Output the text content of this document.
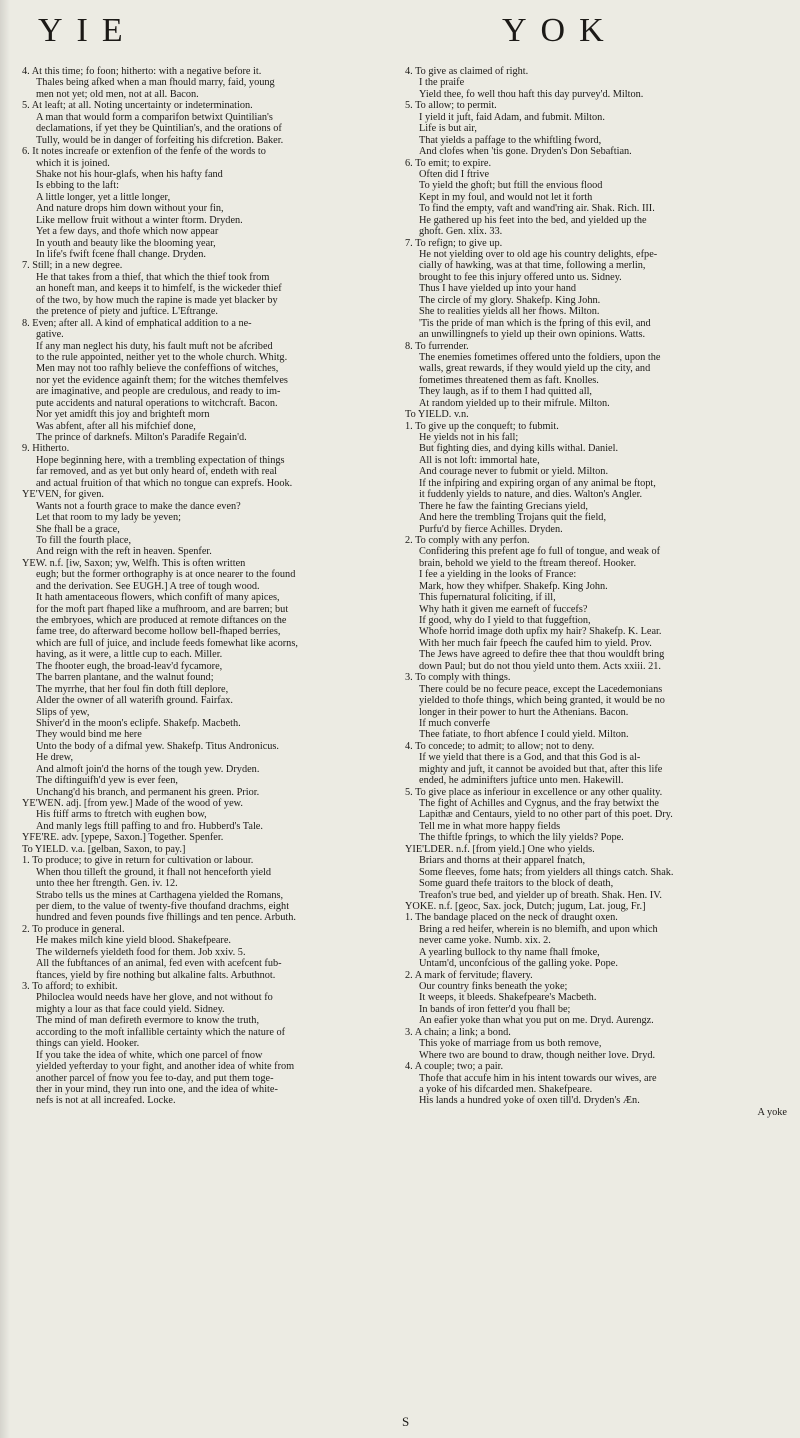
YIE	YOK
4. At this time; fo foon; hitherto: with a negative before it.
Thales being afked when a man fhould marry, faid, young
men not yet; old men, not at all. Bacon.
5. At leaft; at all. Noting uncertainty or indetermination.
A man that would form a comparifon betwixt Quintilian's
declamations, if yet they be Quintilian's, and the orations of
Tully, would be in danger of forfeiting his difcretion. Baker.
6. It notes increafe or extenfion of the fenfe of the words to
which it is joined.
Shake not his hour-glafs, when his hafty fand
Is ebbing to the laft:
A little longer, yet a little longer,
And nature drops him down without your fin,
Like mellow fruit without a winter ftorm. Dryden.
Yet a few days, and thofe which now appear
In youth and beauty like the blooming year,
In life's fwift fcene fhall change. Dryden.
7. Still; in a new degree.
He that takes from a thief, that which the thief took from
an honeft man, and keeps it to himfelf, is the wickeder thief
of the two, by how much the rapine is made yet blacker by
the pretence of piety and juftice. L'Eftrange.
8. Even; after all. A kind of emphatical addition to a ne-
gative.
If any man neglect his duty, his fault muft not be afcribed
to the rule appointed, neither yet to the whole church. Whitg.
Men may not too rafhly believe the confeffions of witches,
nor yet the evidence againft them; for the witches themfelves
are imaginative, and people are credulous, and ready to im-
pute accidents and natural operations to witchcraft. Bacon.
Nor yet amidft this joy and brighteft morn
Was abfent, after all his mifchief done,
The prince of darknefs. Milton's Paradife Regain'd.
9. Hitherto.
Hope beginning here, with a trembling expectation of things
far removed, and as yet but only heard of, endeth with real
and actual fruition of that which no tongue can exprefs. Hook.
YE'VEN, for given.
Wants not a fourth grace to make the dance even?
Let that room to my lady be yeven;
She fhall be a grace,
To fill the fourth place,
And reign with the reft in heaven. Spenfer.
YEW. n.f. [iw, Saxon; yw, Welfh. This is often written
eugh; but the former orthography is at once nearer to the found
and the derivation. See EUGH.] A tree of tough wood.
It hath amentaceous flowers, which confift of many apices,
for the moft part fhaped like a mufhroom, and are barren; but
the embryoes, which are produced at remote diftances on the
fame tree, do afterward become hollow bell-fhaped berries,
which are full of juice, and include feeds fomewhat like acorns,
having, as it were, a little cup to each. Miller.
The fhooter eugh, the broad-leav'd fycamore,
The barren plantane, and the walnut found;
The myrrhe, that her foul fin doth ftill deplore,
Alder the owner of all waterifh ground. Fairfax.
Slips of yew,
Shiver'd in the moon's eclipfe. Shakefp. Macbeth.
They would bind me here
Unto the body of a difmal yew. Shakefp. Titus Andronicus.
He drew,
And almoft join'd the horns of the tough yew. Dryden.
The diftinguifh'd yew is ever feen,
Unchang'd his branch, and permanent his green. Prior.
YE'WEN. adj. [from yew.] Made of the wood of yew.
His ftiff arms to ftretch with eughen bow,
And manly legs ftill paffing to and fro. Hubberd's Tale.
YFE'RE. adv. [ypepe, Saxon.] Together. Spenfer.
To YIELD. v.a. [gelban, Saxon, to pay.]
1. To produce; to give in return for cultivation or labour.
When thou tilleft the ground, it fhall not henceforth yield
unto thee her ftrength. Gen. iv. 12.
Strabo tells us the mines at Carthagena yielded the Romans,
per diem, to the value of twenty-five thoufand drachms, eight
hundred and feven pounds five fhillings and ten pence. Arbuth.
2. To produce in general.
He makes milch kine yield blood. Shakefpeare.
The wildernefs yieldeth food for them. Job xxiv. 5.
All the fubftances of an animal, fed even with acefcent fub-
ftances, yield by fire nothing but alkaline falts. Arbuthnot.
3. To afford; to exhibit.
Philoclea would needs have her glove, and not without fo
mighty a lour as that face could yield. Sidney.
The mind of man defireth evermore to know the truth,
according to the moft infallible certainty which the nature of
things can yield. Hooker.
If you take the idea of white, which one parcel of fnow
yielded yefterday to your fight, and another idea of white from
another parcel of fnow you fee to-day, and put them toge-
ther in your mind, they run into one, and the idea of white-
nefs is not at all increafed. Locke.
4. To give as claimed of right.
I the praife
Yield thee, fo well thou haft this day purvey'd. Milton.
5. To allow; to permit.
I yield it juft, faid Adam, and fubmit. Milton.
Life is but air,
That yields a paffage to the whiftling fword,
And clofes when 'tis gone. Dryden's Don Sebaftian.
6. To emit; to expire.
Often did I ftrive
To yield the ghoft; but ftill the envious flood
Kept in my foul, and would not let it forth
To find the empty, vaft and wand'ring air. Shak. Rich. III.
He gathered up his feet into the bed, and yielded up the
ghoft. Gen. xlix. 33.
7. To refign; to give up.
He not yielding over to old age his country delights, efpe-
cially of hawking, was at that time, following a merlin,
brought to fee this injury offered unto us. Sidney.
Thus I have yielded up into your hand
The circle of my glory. Shakefp. King John.
She to realities yields all her fhows. Milton.
'Tis the pride of man which is the fpring of this evil, and
an unwillingnefs to yield up their own opinions. Watts.
8. To furrender.
The enemies fometimes offered unto the foldiers, upon the
walls, great rewards, if they would yield up the city, and
fometimes threatened them as faft. Knolles.
They laugh, as if to them I had quitted all,
At random yielded up to their mifrule. Milton.
To YIELD. v.n.
1. To give up the conqueft; to fubmit.
He yields not in his fall;
But fighting dies, and dying kills withal. Daniel.
All is not loft: immortal hate,
And courage never to fubmit or yield. Milton.
If the infpiring and expiring organ of any animal be ftopt,
it fuddenly yields to nature, and dies. Walton's Angler.
There he faw the fainting Grecians yield,
And here the trembling Trojans quit the field,
Purfu'd by fierce Achilles. Dryden.
2. To comply with any perfon.
Confidering this prefent age fo full of tongue, and weak of
brain, behold we yield to the ftream thereof. Hooker.
I fee a yielding in the looks of France:
Mark, how they whifper. Shakefp. King John.
This fupernatural foliciting, if ill,
Why hath it given me earneft of fuccefs?
If good, why do I yield to that fuggeftion,
Whofe horrid image doth upfix my hair? Shakefp. K. Lear.
With her much fair fpeech fhe caufed him to yield. Prov.
The Jews have agreed to defire thee that thou wouldft bring
down Paul; but do not thou yield unto them. Acts xxiii. 21.
3. To comply with things.
There could be no fecure peace, except the Lacedemonians
yielded to thofe things, which being granted, it would be no
longer in their power to hurt the Athenians. Bacon.
If much converfe
Thee fatiate, to fhort abfence I could yield. Milton.
4. To concede; to admit; to allow; not to deny.
If we yield that there is a God, and that this God is al-
mighty and juft, it cannot be avoided but that, after this life
ended, he adminifters juftice unto men. Hakewill.
5. To give place as inferiour in excellence or any other quality.
The fight of Achilles and Cygnus, and the fray betwixt the
Lapithæ and Centaurs, yield to no other part of this poet. Dry.
Tell me in what more happy fields
The thiftle fprings, to which the lily yields? Pope.
YIE'LDER. n.f. [from yield.] One who yields.
Briars and thorns at their apparel fnatch,
Some fleeves, fome hats; from yielders all things catch. Shak.
Some guard thefe traitors to the block of death,
Treafon's true bed, and yielder up of breath. Shak. Hen. IV.
YOKE. n.f. [geoc, Sax. jock, Dutch; jugum, Lat. joug, Fr.]
1. The bandage placed on the neck of draught oxen.
Bring a red heifer, wherein is no blemifh, and upon which
never came yoke. Numb. xix. 2.
A yearling bullock to thy name fhall fmoke,
Untam'd, unconfcious of the galling yoke. Pope.
2. A mark of fervitude; flavery.
Our country finks beneath the yoke;
It weeps, it bleeds. Shakefpeare's Macbeth.
In bands of iron fetter'd you fhall be;
An eafier yoke than what you put on me. Dryd. Aurengz.
3. A chain; a link; a bond.
This yoke of marriage from us both remove,
Where two are bound to draw, though neither love. Dryd.
4. A couple; two; a pair.
Thofe that accufe him in his intent towards our wives, are
a yoke of his difcarded men. Shakefpeare.
His lands a hundred yoke of oxen till'd. Dryden's Æn.
A yoke
S
